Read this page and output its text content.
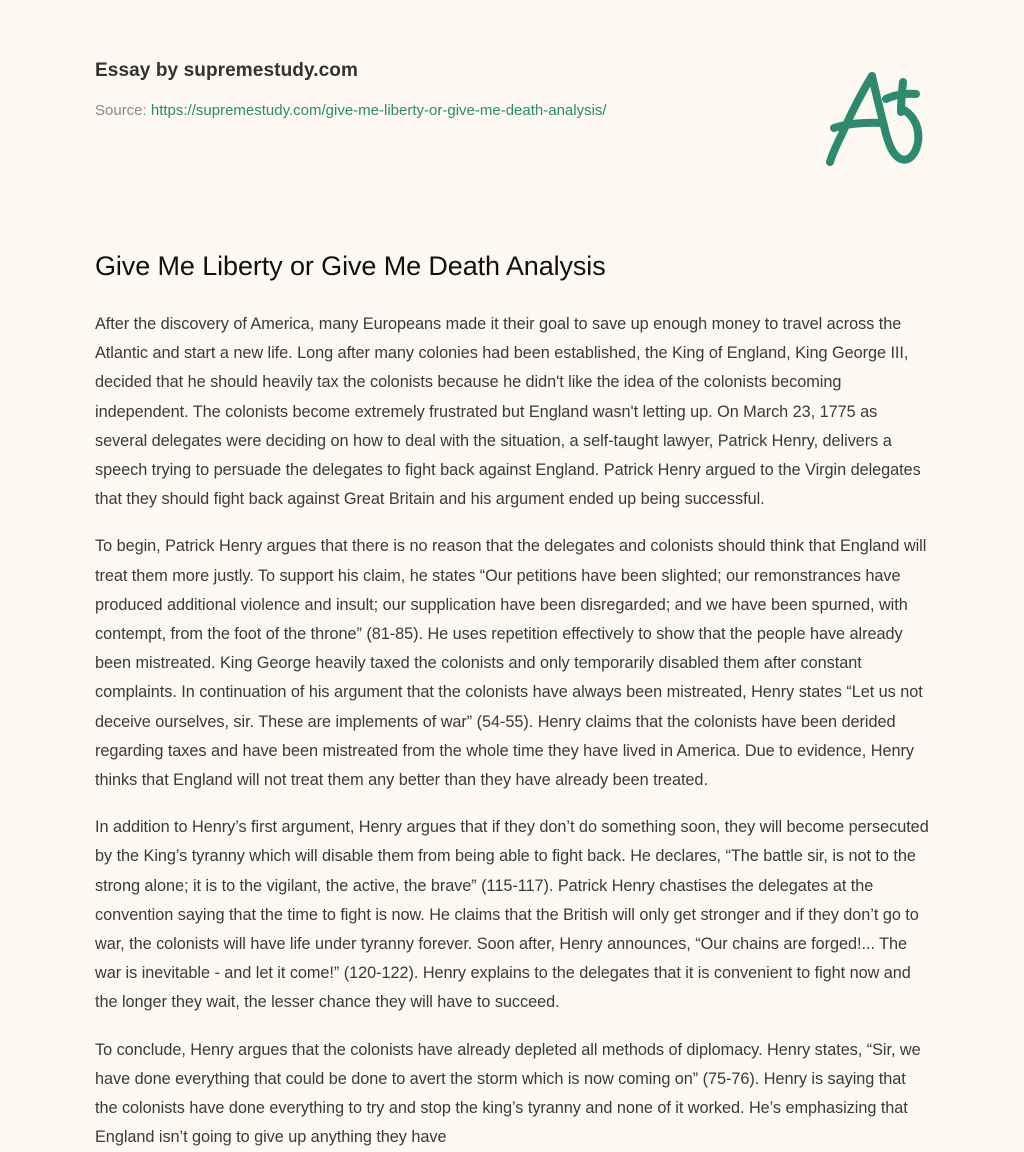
Essay by supremestudy.com
Source: https://supremestudy.com/give-me-liberty-or-give-me-death-analysis/
Give Me Liberty or Give Me Death Analysis

After the discovery of America, many Europeans made it their goal to save up enough money to travel across the Atlantic and start a new life. Long after many colonies had been established, the King of England, King George III, decided that he should heavily tax the colonists because he didn't like the idea of the colonists becoming independent. The colonists become extremely frustrated but England wasn't letting up. On March 23, 1775 as several delegates were deciding on how to deal with the situation, a self-taught lawyer, Patrick Henry, delivers a speech trying to persuade the delegates to fight back against England. Patrick Henry argued to the Virgin delegates that they should fight back against Great Britain and his argument ended up being successful.

To begin, Patrick Henry argues that there is no reason that the delegates and colonists should think that England will treat them more justly. To support his claim, he states “Our petitions have been slighted; our remonstrances have produced additional violence and insult; our supplication have been disregarded; and we have been spurned, with contempt, from the foot of the throne” (81-85). He uses repetition effectively to show that the people have already been mistreated. King George heavily taxed the colonists and only temporarily disabled them after constant complaints. In continuation of his argument that the colonists have always been mistreated, Henry states “Let us not deceive ourselves, sir. These are implements of war” (54-55). Henry claims that the colonists have been derided regarding taxes and have been mistreated from the whole time they have lived in America. Due to evidence, Henry thinks that England will not treat them any better than they have already been treated.

In addition to Henry’s first argument, Henry argues that if they don’t do something soon, they will become persecuted by the King’s tyranny which will disable them from being able to fight back. He declares, “The battle sir, is not to the strong alone; it is to the vigilant, the active, the brave” (115-117). Patrick Henry chastises the delegates at the convention saying that the time to fight is now. He claims that the British will only get stronger and if they don’t go to war, the colonists will have life under tyranny forever. Soon after, Henry announces, “Our chains are forged!... The war is inevitable - and let it come!” (120-122). Henry explains to the delegates that it is convenient to fight now and the longer they wait, the lesser chance they will have to succeed.

To conclude, Henry argues that the colonists have already depleted all methods of diplomacy. Henry states, “Sir, we have done everything that could be done to avert the storm which is now coming on” (75-76). Henry is saying that the colonists have done everything to try and stop the king’s tyranny and none of it worked. He’s emphasizing that England isn’t going to give up anything they have
